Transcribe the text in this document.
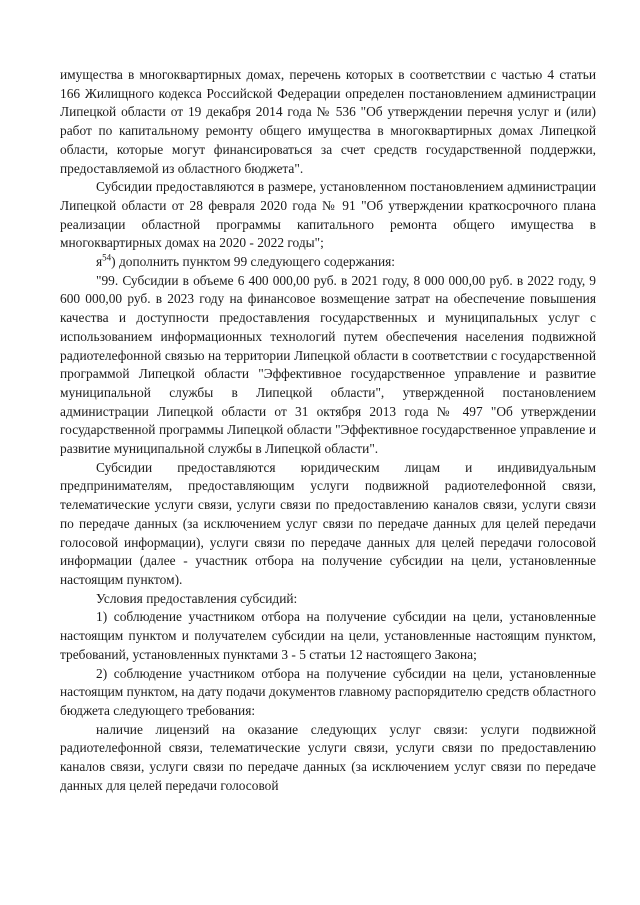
имущества в многоквартирных домах, перечень которых в соответствии с частью 4 статьи 166 Жилищного кодекса Российской Федерации определен постановлением администрации Липецкой области от 19 декабря 2014 года № 536 "Об утверждении перечня услуг и (или) работ по капитальному ремонту общего имущества в многоквартирных домах Липецкой области, которые могут финансироваться за счет средств государственной поддержки, предоставляемой из областного бюджета".

Субсидии предоставляются в размере, установленном постановлением администрации Липецкой области от 28 февраля 2020 года № 91 "Об утверждении краткосрочного плана реализации областной программы капитального ремонта общего имущества в многоквартирных домах на 2020 - 2022 годы";

$я^{54}$) дополнить пунктом 99 следующего содержания:

"99. Субсидии в объеме 6 400 000,00 руб. в 2021 году, 8 000 000,00 руб. в 2022 году, 9 600 000,00 руб. в 2023 году на финансовое возмещение затрат на обеспечение повышения качества и доступности предоставления государственных и муниципальных услуг с использованием информационных технологий путем обеспечения населения подвижной радиотелефонной связью на территории Липецкой области в соответствии с государственной программой Липецкой области "Эффективное государственное управление и развитие муниципальной службы в Липецкой области", утвержденной постановлением администрации Липецкой области от 31 октября 2013 года № 497 "Об утверждении государственной программы Липецкой области "Эффективное государственное управление и развитие муниципальной службы в Липецкой области".

Субсидии предоставляются юридическим лицам и индивидуальным предпринимателям, предоставляющим услуги подвижной радиотелефонной связи, телематические услуги связи, услуги связи по предоставлению каналов связи, услуги связи по передаче данных (за исключением услуг связи по передаче данных для целей передачи голосовой информации), услуги связи по передаче данных для целей передачи голосовой информации (далее - участник отбора на получение субсидии на цели, установленные настоящим пунктом).

Условия предоставления субсидий:

1) соблюдение участником отбора на получение субсидии на цели, установленные настоящим пунктом и получателем субсидии на цели, установленные настоящим пунктом, требований, установленных пунктами 3 - 5 статьи 12 настоящего Закона;

2) соблюдение участником отбора на получение субсидии на цели, установленные настоящим пунктом, на дату подачи документов главному распорядителю средств областного бюджета следующего требования:

наличие лицензий на оказание следующих услуг связи: услуги подвижной радиотелефонной связи, телематические услуги связи, услуги связи по предоставлению каналов связи, услуги связи по передаче данных (за исключением услуг связи по передаче данных для целей передачи голосовой
